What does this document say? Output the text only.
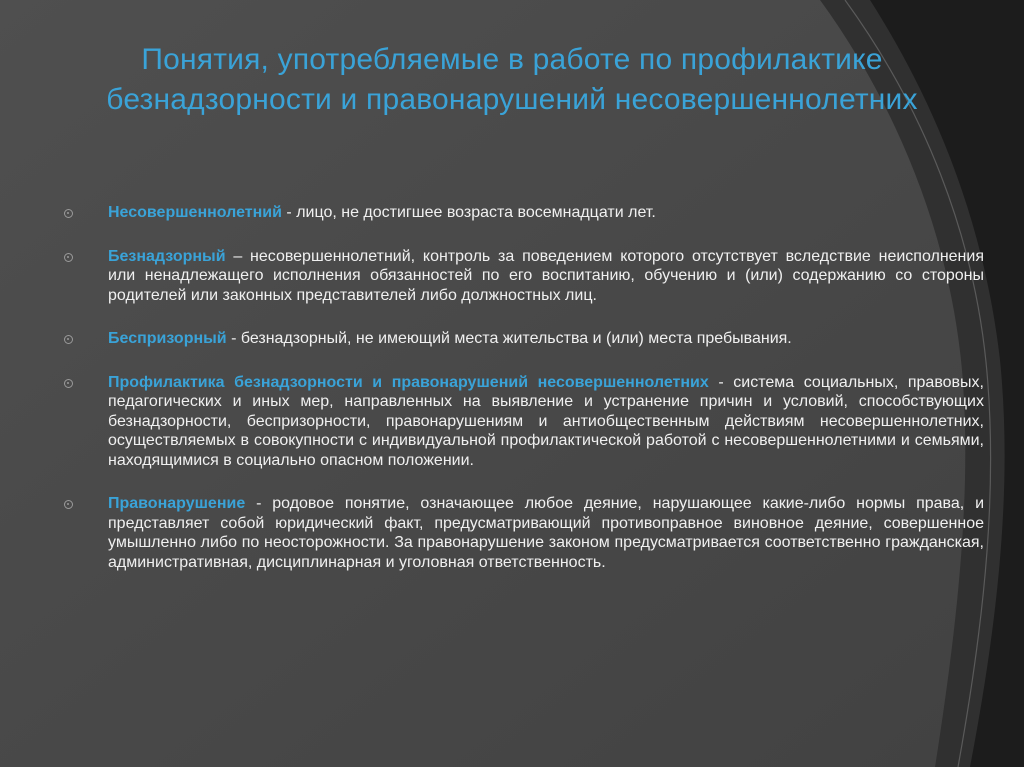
Понятия, употребляемые в работе по профилактике
безнадзорности и правонарушений несовершеннолетних

Несовершеннолетний - лицо, не достигшее возраста восемнадцати лет.

Безнадзорный – несовершеннолетний, контроль за поведением которого отсутствует вследствие неисполнения или ненадлежащего исполнения обязанностей по его воспитанию, обучению и (или) содержанию со стороны родителей или законных представителей либо должностных лиц.

Беспризорный - безнадзорный, не имеющий места жительства и (или) места пребывания.

Профилактика безнадзорности и правонарушений несовершеннолетних - система социальных, правовых, педагогических и иных мер, направленных на выявление и устранение причин и условий, способствующих безнадзорности, беспризорности, правонарушениям и антиобщественным действиям несовершеннолетних, осуществляемых в совокупности с индивидуальной профилактической работой с несовершеннолетними и семьями, находящимися в социально опасном положении.

Правонарушение - родовое понятие, означающее любое деяние, нарушающее какие-либо нормы права, и представляет собой юридический факт, предусматривающий противоправное виновное деяние, совершенное умышленно либо по неосторожности. За правонарушение законом предусматривается соответственно гражданская, административная, дисциплинарная и уголовная ответственность.
